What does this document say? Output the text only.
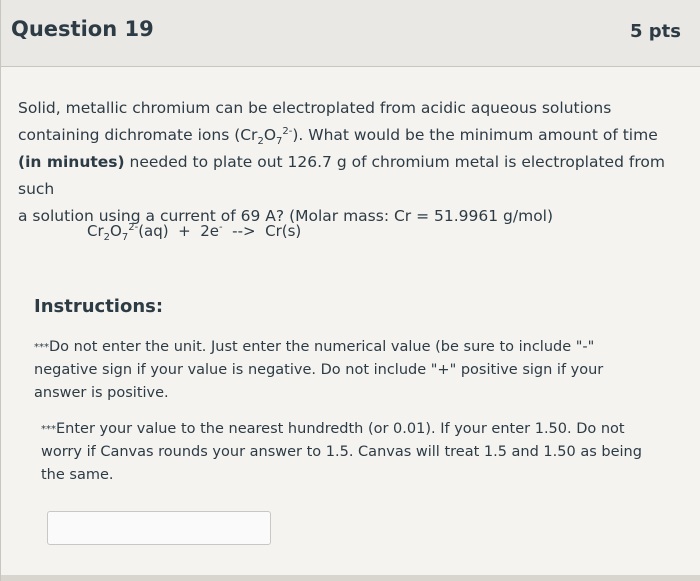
Question 19	5 pts
Solid, metallic chromium can be electroplated from acidic aqueous solutions
containing dichromate ions $(Cr_2O_7^{2-})$. What would be the minimum amount of time
(in minutes) needed to plate out 126.7 g of chromium metal is electroplated from such
a solution using a current of 69 A? (Molar mass: Cr = 51.9961 g/mol)
$Cr_2O_7^{2-}(aq) + 2e^-$  -->  Cr(s)
Instructions:
***Do not enter the unit. Just enter the numerical value (be sure to include "-" negative sign if your value is negative. Do not include "+" positive sign if your answer is positive.
***Enter your value to the nearest hundredth (or 0.01). If your enter 1.50. Do not worry if Canvas rounds your answer to 1.5. Canvas will treat 1.5 and 1.50 as being the same.
